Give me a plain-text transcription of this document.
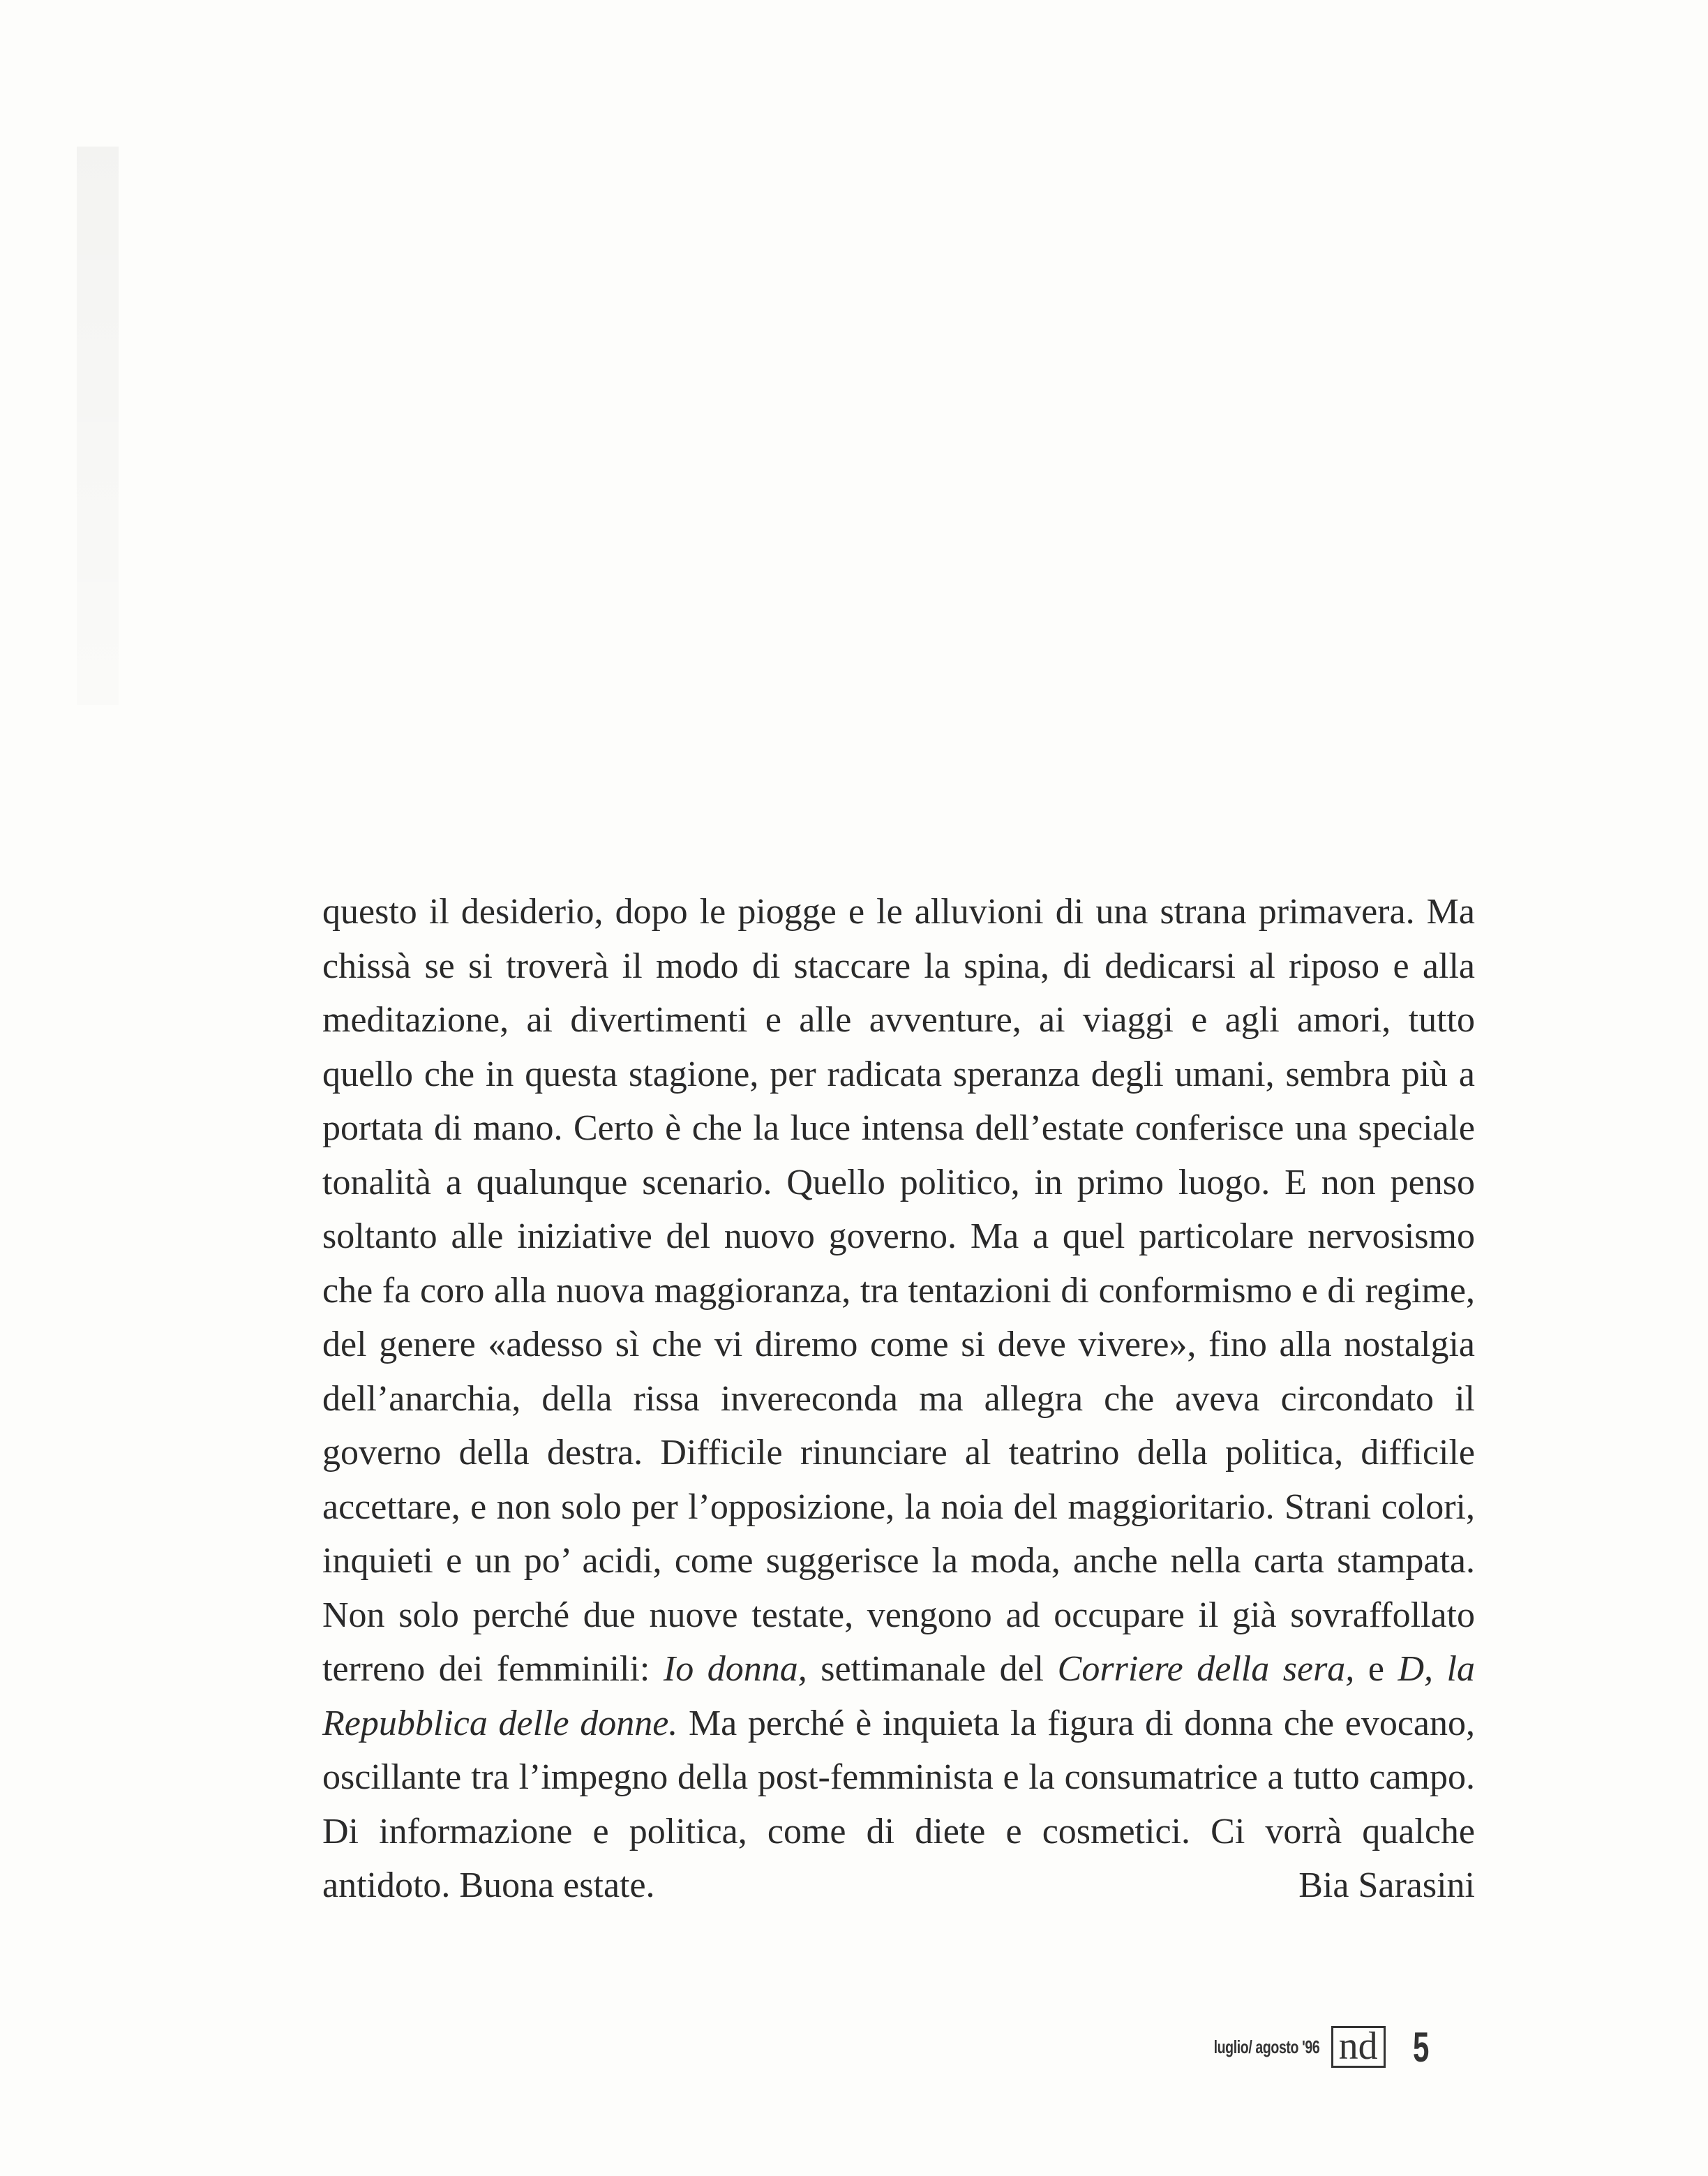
Una lunga
estate calda

questo il desiderio, dopo le piogge e le alluvioni di una strana primavera. Ma chissà se si troverà il modo di staccare la spina, di dedicarsi al riposo e alla meditazione, ai divertimenti e alle avventure, ai viaggi e agli amori, tutto quello che in questa stagione, per radicata speranza degli umani, sembra più a portata di mano. Certo è che la luce intensa dell’estate conferisce una speciale tonalità a qualunque scenario. Quello politico, in primo luogo. E non penso soltanto alle iniziative del nuovo governo. Ma a quel particolare nervosismo che fa coro alla nuova maggioranza, tra tentazioni di conformismo e di regime, del genere «adesso sì che vi diremo come si deve vivere», fino alla nostalgia dell’anarchia, della rissa invereconda ma allegra che aveva circondato il governo della destra. Difficile rinunciare al teatrino della politica, difficile accettare, e non solo per l’opposizione, la noia del maggioritario. Strani colori, inquieti e un po’ acidi, come suggerisce la moda, anche nella carta stampata. Non solo perché due nuove testate, vengono ad occupare il già sovraffollato terreno dei femminili: Io donna, settimanale del Corriere della sera, e D, la Repubblica delle donne. Ma perché è inquieta la figura di donna che evocano, oscillante tra l’impegno della post-femminista e la consumatrice a tutto campo. Di informazione e politica, come di diete e cosmetici. Ci vorrà qualche antidoto. Buona estate.	Bia Sarasini

luglio/ agosto '96 nd 5
